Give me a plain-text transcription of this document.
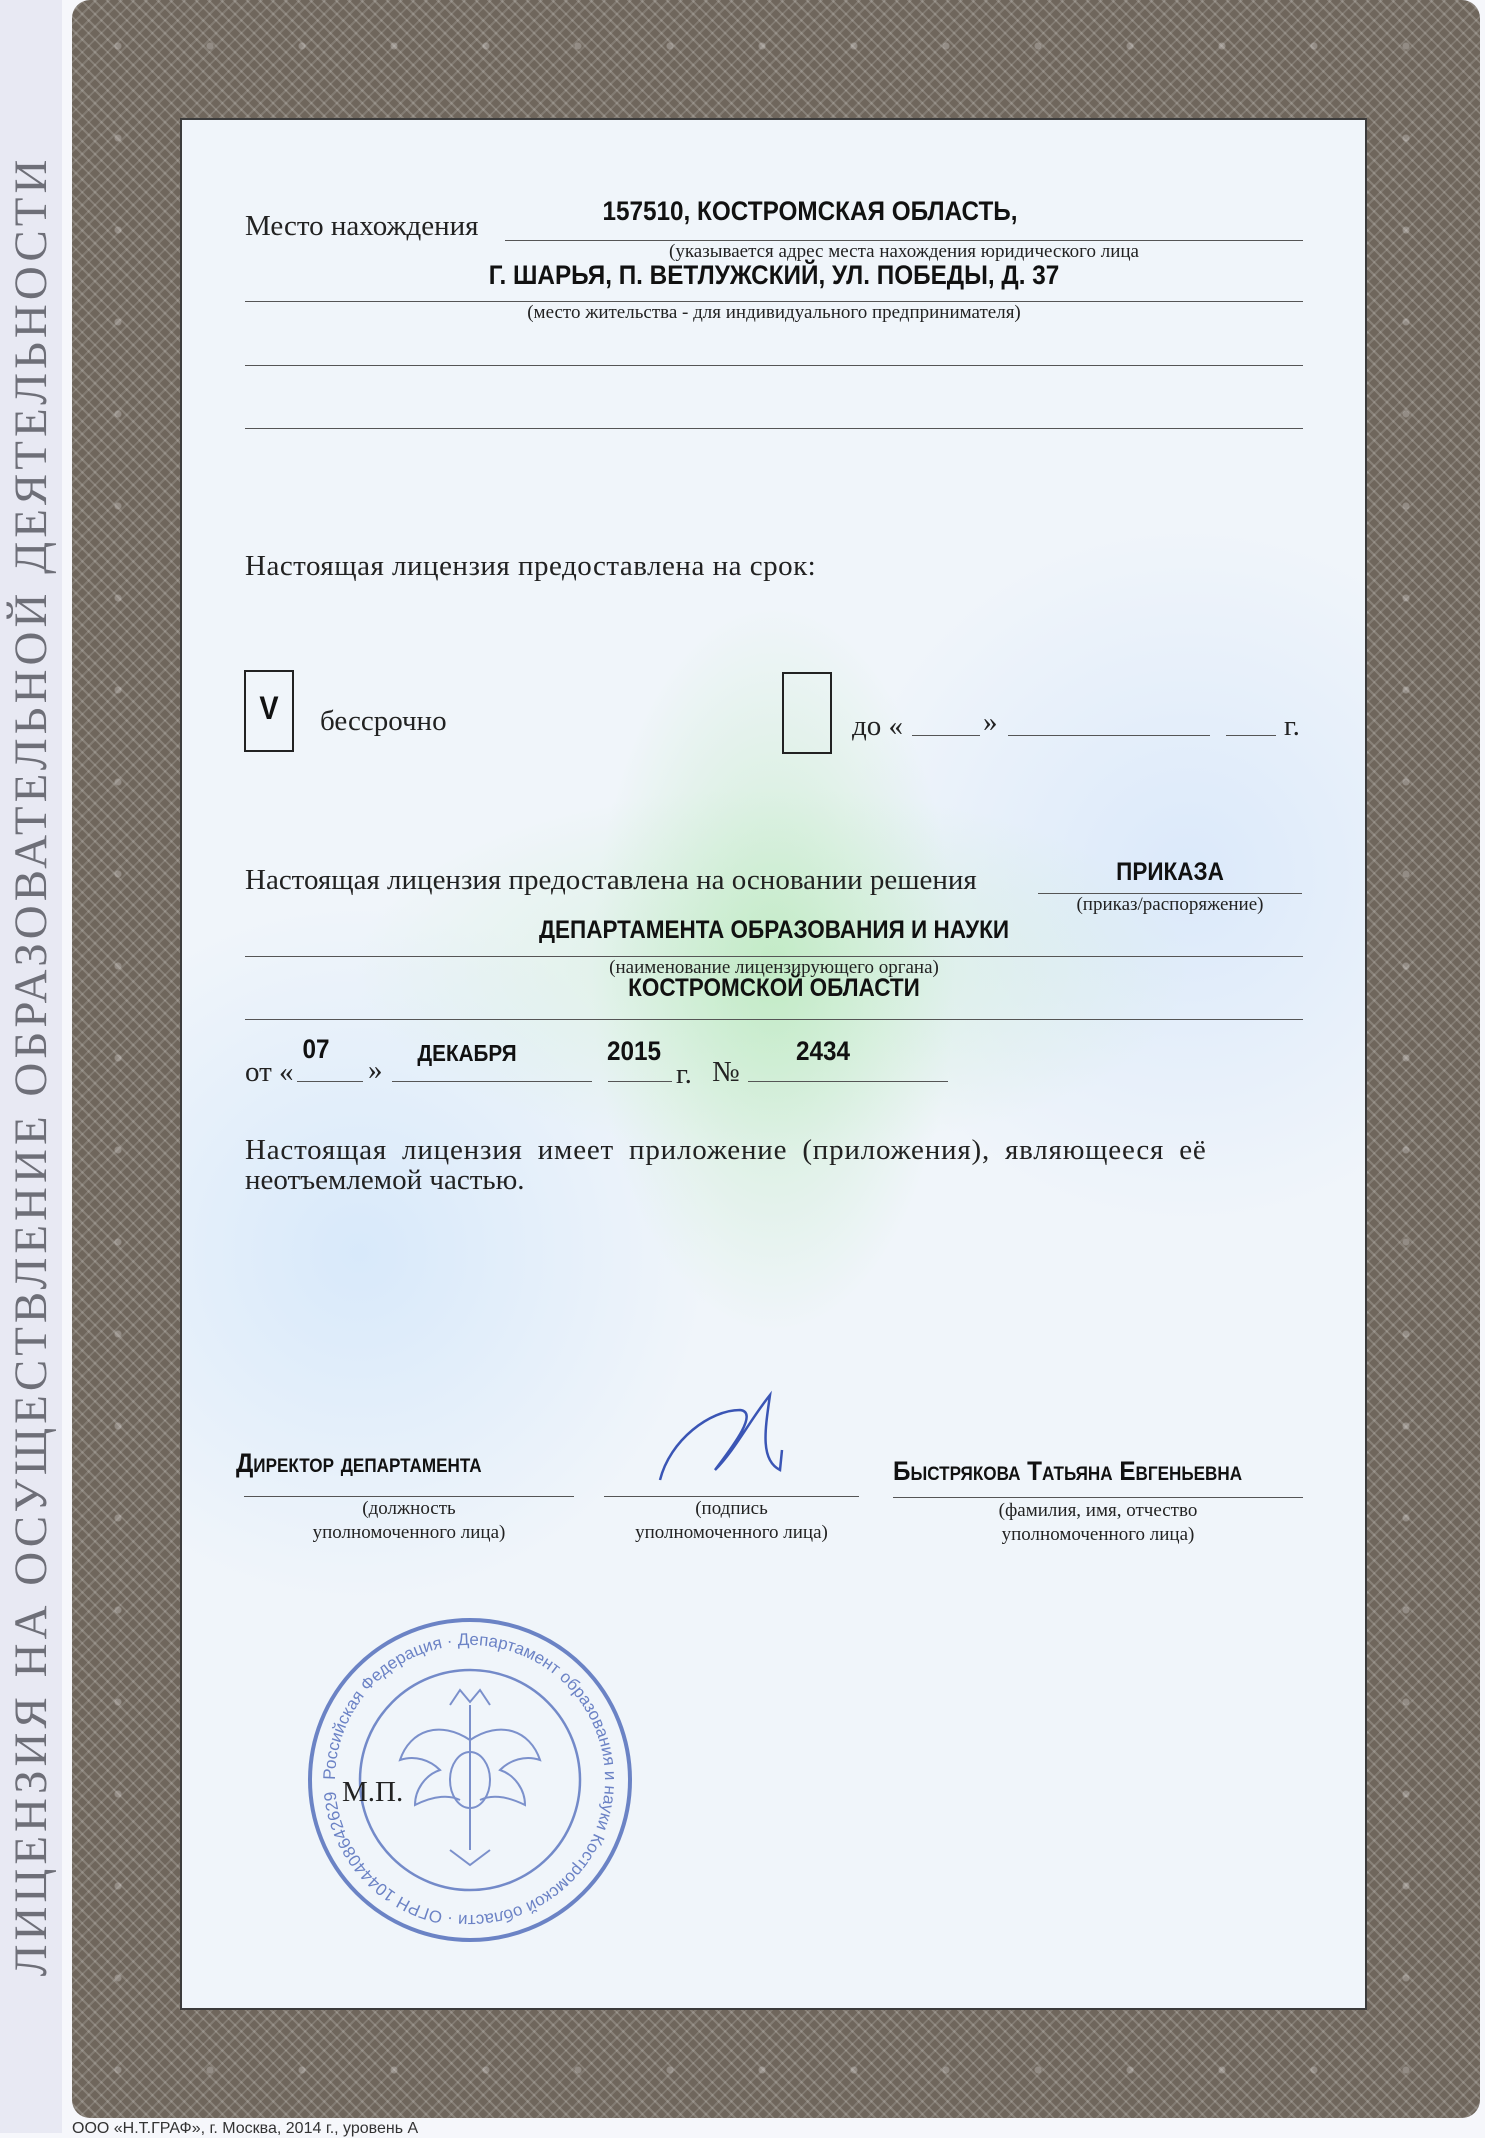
ЛИЦЕНЗИЯ НА ОСУЩЕСТВЛЕНИЕ ОБРАЗОВАТЕЛЬНОЙ ДЕЯТЕЛЬНОСТИ	Место нахождения	157510, КОСТРОМСКАЯ ОБЛАСТЬ,
(указывается адрес места нахождения юридического лица
Г. ШАРЬЯ, П. ВЕТЛУЖСКИЙ, УЛ. ПОБЕДЫ, Д. 37
(место жительства - для индивидуального предпринимателя)
Настоящая лицензия предоставлена на срок:
V	бессрочно	до «	»	г.
Настоящая лицензия предоставлена на основании решения	ПРИКАЗА
(приказ/распоряжение)
ДЕПАРТАМЕНТА ОБРАЗОВАНИЯ И НАУКИ
(наименование лицензирующего органа)
КОСТРОМСКОЙ ОБЛАСТИ
от «
07
»
ДЕКАБРЯ	2015
г. №
2434
Настоящая лицензия имеет приложение (приложения), являющееся её
неотъемлемой частью.
Директор департамента
(должность
уполномоченного лица)
(подпись
уполномоченного лица)
Быстрякова Татьяна Евгеньевна
(фамилия, имя, отчество
уполномоченного лица)
Российская Федерация · Департамент образования и науки Костромской области · ОГРН 1044408642629 М.П.
ООО «Н.Т.ГРАФ», г. Москва, 2014 г., уровень А
